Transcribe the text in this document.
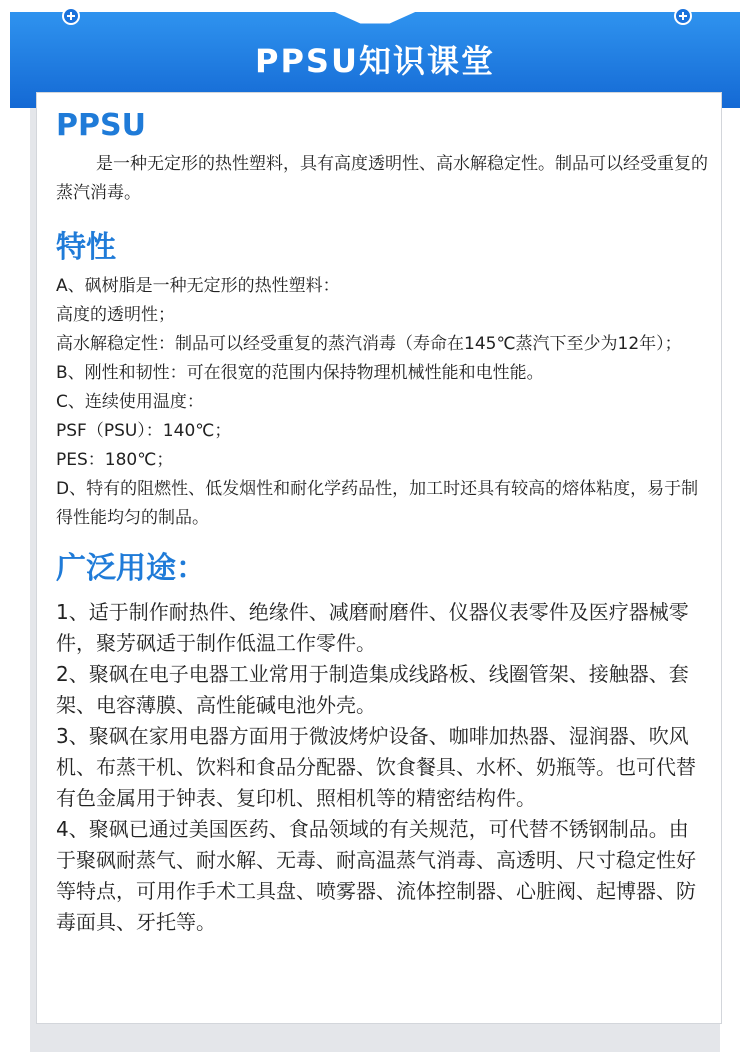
PPSU知识课堂
PPSU

是一种无定形的热性塑料，具有高度透明性、高水解稳定性。制品可以经受重复的蒸汽消毒。

特性
A、砜树脂是一种无定形的热性塑料：
高度的透明性；
高水解稳定性：制品可以经受重复的蒸汽消毒（寿命在145℃蒸汽下至少为12年）；
B、刚性和韧性：可在很宽的范围内保持物理机械性能和电性能。
C、连续使用温度：
PSF（PSU）：140℃；
PES：180℃；
D、特有的阻燃性、低发烟性和耐化学药品性，加工时还具有较高的熔体粘度，易于制得性能均匀的制品。
广泛用途：
1、适于制作耐热件、绝缘件、减磨耐磨件、仪器仪表零件及医疗器械零件，聚芳砜适于制作低温工作零件。
2、聚砜在电子电器工业常用于制造集成线路板、线圈管架、接触器、套架、电容薄膜、高性能碱电池外壳。
3、聚砜在家用电器方面用于微波烤炉设备、咖啡加热器、湿润器、吹风机、布蒸干机、饮料和食品分配器、饮食餐具、水杯、奶瓶等。也可代替有色金属用于钟表、复印机、照相机等的精密结构件。
4、聚砜已通过美国医药、食品领域的有关规范，可代替不锈钢制品。由于聚砜耐蒸气、耐水解、无毒、耐高温蒸气消毒、高透明、尺寸稳定性好等特点，可用作手术工具盘、喷雾器、流体控制器、心脏阀、起博器、防毒面具、牙托等。
